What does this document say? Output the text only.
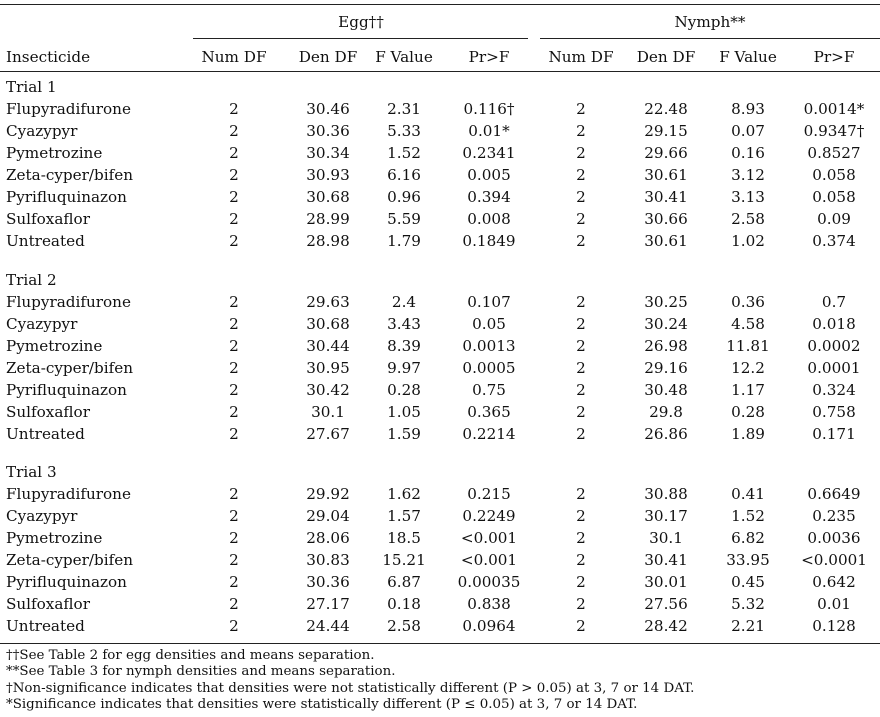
Egg††	Nymph**
Insecticide	Num DF	Den DF	F Value	Pr>F	Num DF	Den DF	F Value	Pr>F
Trial 1
Flupyradifurone	2	30.46	2.31	0.116†	2	22.48	8.93	0.0014*
Cyazypyr	2	30.36	5.33	0.01*	2	29.15	0.07	0.9347†
Pymetrozine	2	30.34	1.52	0.2341	2	29.66	0.16	0.8527
Zeta-cyper/bifen	2	30.93	6.16	0.005	2	30.61	3.12	0.058
Pyrifluquinazon	2	30.68	0.96	0.394	2	30.41	3.13	0.058
Sulfoxaflor	2	28.99	5.59	0.008	2	30.66	2.58	0.09
Untreated	2	28.98	1.79	0.1849	2	30.61	1.02	0.374
Trial 2
Flupyradifurone	2	29.63	2.4	0.107	2	30.25	0.36	0.7
Cyazypyr	2	30.68	3.43	0.05	2	30.24	4.58	0.018
Pymetrozine	2	30.44	8.39	0.0013	2	26.98	11.81	0.0002
Zeta-cyper/bifen	2	30.95	9.97	0.0005	2	29.16	12.2	0.0001
Pyrifluquinazon	2	30.42	0.28	0.75	2	30.48	1.17	0.324
Sulfoxaflor	2	30.1	1.05	0.365	2	29.8	0.28	0.758
Untreated	2	27.67	1.59	0.2214	2	26.86	1.89	0.171
Trial 3
Flupyradifurone	2	29.92	1.62	0.215	2	30.88	0.41	0.6649
Cyazypyr	2	29.04	1.57	0.2249	2	30.17	1.52	0.235
Pymetrozine	2	28.06	18.5	<0.001	2	30.1	6.82	0.0036
Zeta-cyper/bifen	2	30.83	15.21	<0.001	2	30.41	33.95	<0.0001
Pyrifluquinazon	2	30.36	6.87	0.00035	2	30.01	0.45	0.642
Sulfoxaflor	2	27.17	0.18	0.838	2	27.56	5.32	0.01
Untreated	2	24.44	2.58	0.0964	2	28.42	2.21	0.128
††See Table 2 for egg densities and means separation.
**See Table 3 for nymph densities and means separation.
†Non-significance indicates that densities were not statistically different (P > 0.05) at 3, 7 or 14 DAT.
*Significance indicates that densities were statistically different (P ≤ 0.05) at 3, 7 or 14 DAT.
